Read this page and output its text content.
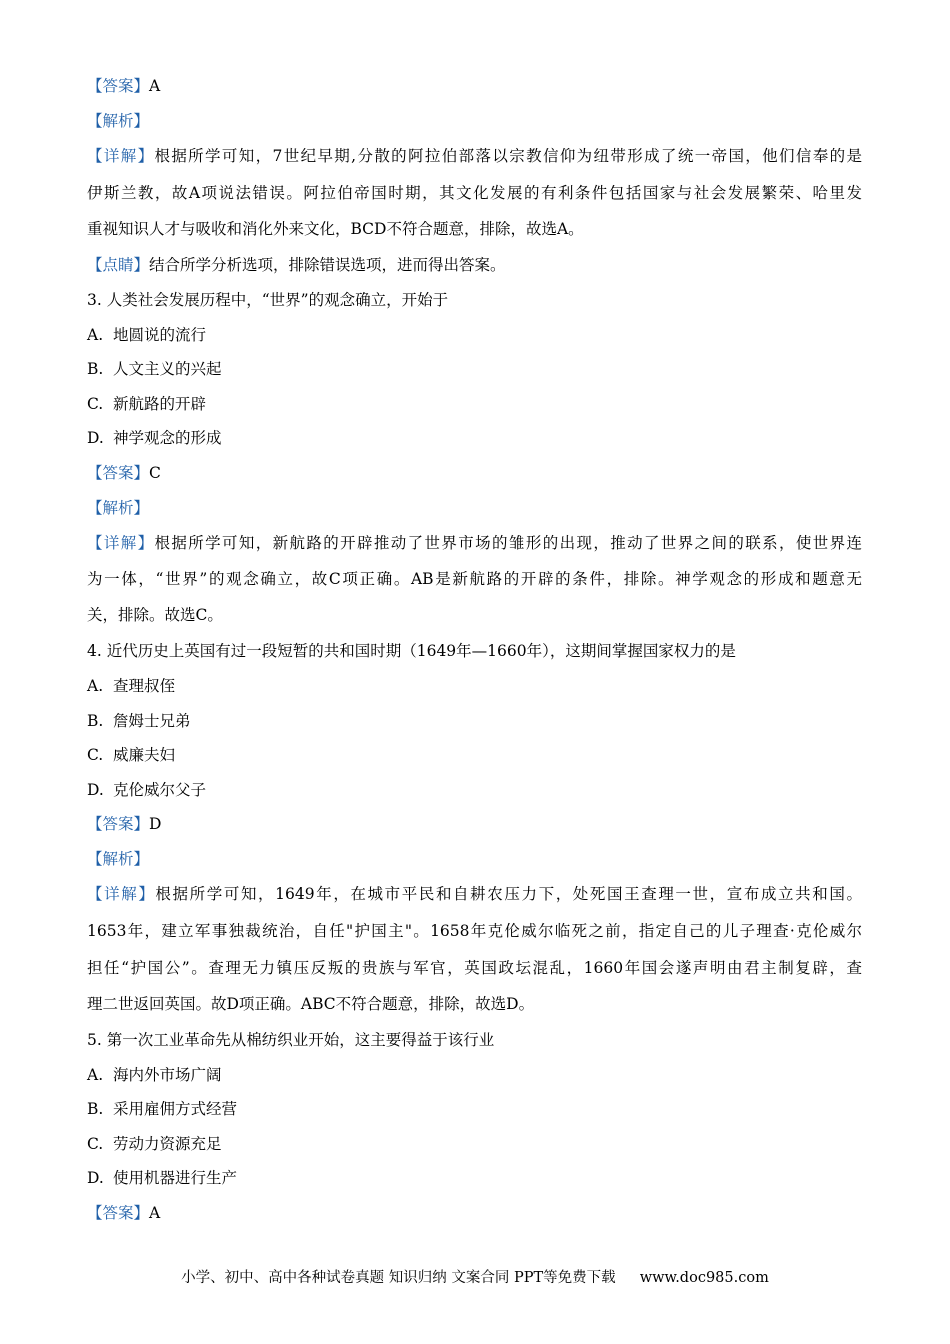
【答案】A
【解析】
【详解】根据所学可知，7世纪早期,分散的阿拉伯部落以宗教信仰为纽带形成了统一帝国，他们信奉的是
伊斯兰教，故A项说法错误。阿拉伯帝国时期，其文化发展的有利条件包括国家与社会发展繁荣、哈里发
重视知识人才与吸收和消化外来文化，BCD不符合题意，排除，故选A。
【点睛】结合所学分析选项，排除错误选项，进而得出答案。
3. 人类社会发展历程中，“世界”的观念确立，开始于
A. 地圆说的流行
B. 人文主义的兴起
C. 新航路的开辟
D. 神学观念的形成
【答案】C
【解析】
【详解】根据所学可知，新航路的开辟推动了世界市场的雏形的出现，推动了世界之间的联系，使世界连
为一体，“世界”的观念确立，故C项正确。AB是新航路的开辟的条件，排除。神学观念的形成和题意无
关，排除。故选C。
4. 近代历史上英国有过一段短暂的共和国时期（1649年—1660年），这期间掌握国家权力的是
A. 查理叔侄
B. 詹姆士兄弟
C. 威廉夫妇
D. 克伦威尔父子
【答案】D
【解析】
【详解】根据所学可知，1649年，在城市平民和自耕农压力下，处死国王查理一世，宣布成立共和国。
1653年，建立军事独裁统治，自任"护国主"。1658年克伦威尔临死之前，指定自己的儿子理查·克伦威尔
担任“护国公”。查理无力镇压反叛的贵族与军官，英国政坛混乱，1660年国会遂声明由君主制复辟，查
理二世返回英国。故D项正确。ABC不符合题意，排除，故选D。
5. 第一次工业革命先从棉纺织业开始，这主要得益于该行业
A. 海内外市场广阔
B. 采用雇佣方式经营
C. 劳动力资源充足
D. 使用机器进行生产
【答案】A
小学、初中、高中各种试卷真题 知识归纳 文案合同 PPT等免费下载 www.doc985.com
